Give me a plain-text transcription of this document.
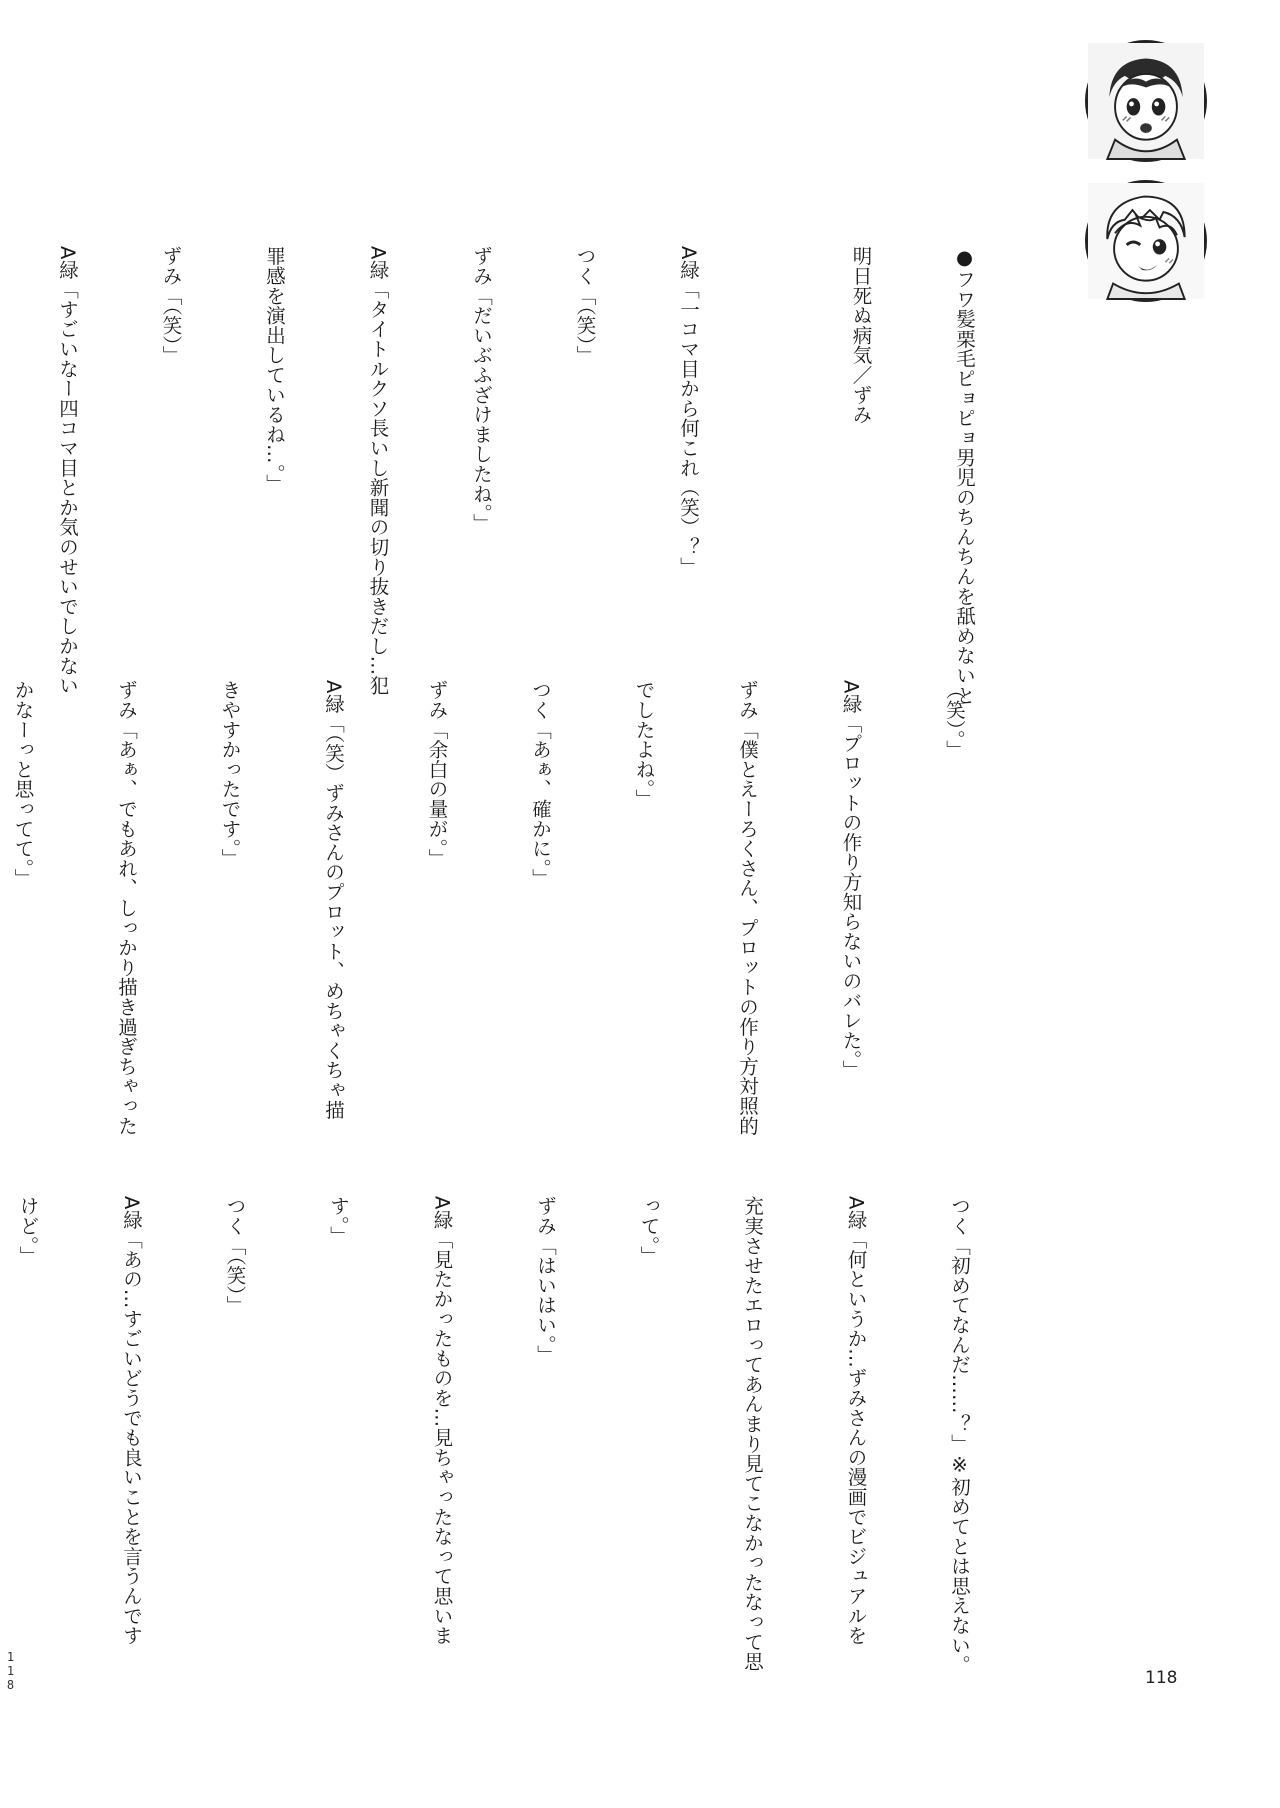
●フワ髪栗毛ピョピョ男児のちんちんを舐めないと

明日死ぬ病気／ずみ

A緑「一コマ目から何これ（笑）？」

つく「（笑）」

ずみ「だいぶふざけましたね。」

A緑「タイトルクソ長いし新聞の切り抜きだし…犯

罪感を演出しているね…。」

ずみ「（笑）」

A緑「すごいなー四コマ目とか気のせいでしかない

（笑）。」

A緑「プロットの作り方知らないのバレた。」

ずみ「僕とえーろくさん、プロットの作り方対照的

でしたよね。」

つく「あぁ、確かに。」

ずみ「余白の量が。」

A緑「（笑）ずみさんのプロット、めちゃくちゃ描

きやすかったです。」

ずみ「あぁ、でもあれ、しっかり描き過ぎちゃった

かなーっと思ってて。」

つく「初めてなんだ……？」※初めてとは思えない。

A緑「何というか…ずみさんの漫画でビジュアルを

充実させたエロってあんまり見てこなかったなって思

って。」

ずみ「はいはい。」

A緑「見たかったものを…見ちゃったなって思いま

す。」

つく「（笑）」

A緑「あの…すごいどうでも良いことを言うんです

けど。」

118
118
